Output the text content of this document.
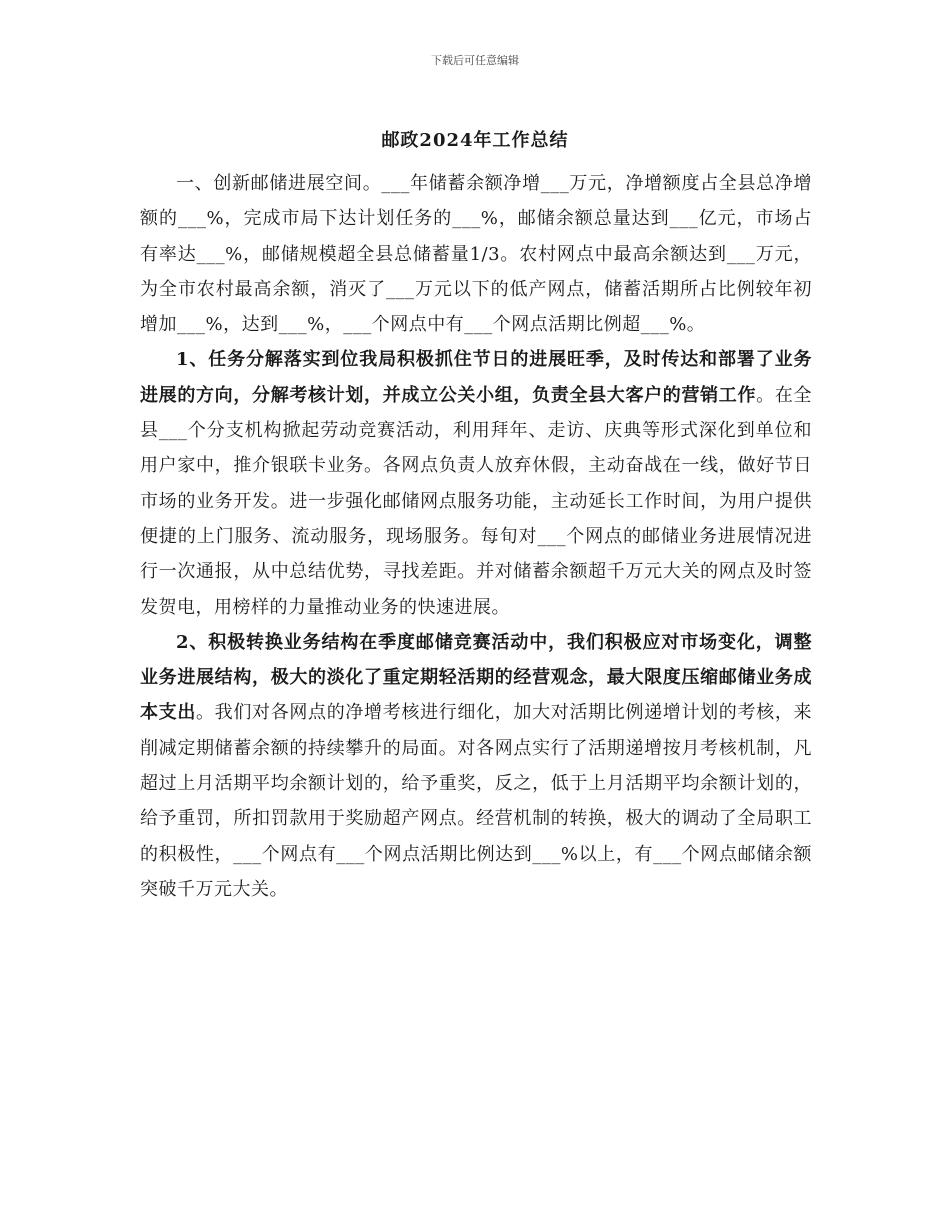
下载后可任意编辑
邮政2024年工作总结

一、创新邮储进展空间。___年储蓄余额净增___万元，净增额度占全县总净增额的___%，完成市局下达计划任务的___%，邮储余额总量达到___亿元，市场占有率达___%，邮储规模超全县总储蓄量1/3。农村网点中最高余额达到___万元，为全市农村最高余额，消灭了___万元以下的低产网点，储蓄活期所占比例较年初增加___%，达到___%，___个网点中有___个网点活期比例超___%。

1、任务分解落实到位我局积极抓住节日的进展旺季，及时传达和部署了业务进展的方向，分解考核计划，并成立公关小组，负责全县大客户的营销工作。在全县___个分支机构掀起劳动竞赛活动，利用拜年、走访、庆典等形式深化到单位和用户家中，推介银联卡业务。各网点负责人放弃休假，主动奋战在一线，做好节日市场的业务开发。进一步强化邮储网点服务功能，主动延长工作时间，为用户提供便捷的上门服务、流动服务，现场服务。每旬对___个网点的邮储业务进展情况进行一次通报，从中总结优势，寻找差距。并对储蓄余额超千万元大关的网点及时签发贺电，用榜样的力量推动业务的快速进展。

2、积极转换业务结构在季度邮储竞赛活动中，我们积极应对市场变化，调整业务进展结构，极大的淡化了重定期轻活期的经营观念，最大限度压缩邮储业务成本支出。我们对各网点的净增考核进行细化，加大对活期比例递增计划的考核，来削减定期储蓄余额的持续攀升的局面。对各网点实行了活期递增按月考核机制，凡超过上月活期平均余额计划的，给予重奖，反之，低于上月活期平均余额计划的，给予重罚，所扣罚款用于奖励超产网点。经营机制的转换，极大的调动了全局职工的积极性，___个网点有___个网点活期比例达到___%以上，有___个网点邮储余额突破千万元大关。
